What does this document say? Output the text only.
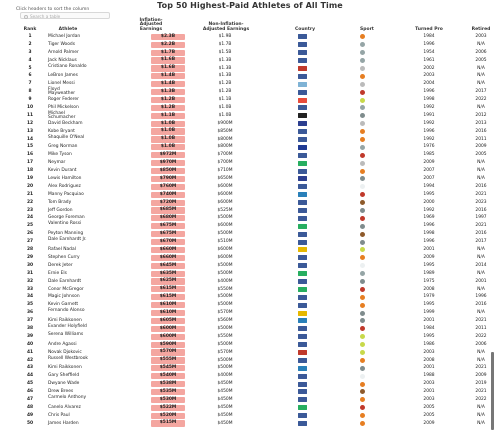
Top 50 Highest-Paid Athletes of All Time
Click headers to sort the column
Search a table
Rank	Athlete
Inflation-Adjusted Earnings
Non-Inflation-Adjusted Earnings	Country	Sport	Turned Pro	Retired
1	Michael Jordan	$2.3B	$1.9B	1984	2003
2	Tiger Woods	$2.2B	$1.7B	1996	N/A
3	Arnold Palmer	$1.7B	$1.5B	1954	2006
4	Jack Nicklaus	$1.6B	$1.3B	1961	2005
5	Cristiano Ronaldo	$1.6B	$1.3B	2002	N/A
6	LeBron James	$1.4B	$1.3B	2003	N/A
7	Lionel Messi	$1.4B	$1.2B	2004	N/A
8	Floyd Mayweather	$1.3B	$1.2B	1996	2017
9	Roger Federer	$1.2B	$1.1B	1998	2022
10	Phil Mickelson	$1.2B	$1.0B	1992	N/A
11	Michael Schumacher	$1.1B	$1.0B	1991	2012
12	David Beckham	$1.0B	$900M	1992	2013
13	Kobe Bryant	$1.0B	$850M	1996	2016
14	Shaquille O'Neal	$1.0B	$800M	1992	2011
15	Greg Norman	$1.0B	$800M	1976	2009
16	Mike Tyson	$972M	$700M	1985	2005
17	Neymar	$970M	$700M	2009	N/A
18	Kevin Durant	$850M	$710M	2007	N/A
19	Lewis Hamilton	$790M	$650M	2007	N/A
20	Alex Rodriguez	$760M	$600M	1994	2016
21	Manny Pacquiao	$740M	$600M	1995	2021
22	Tom Brady	$720M	$600M	2000	2023
23	Jeff Gordon	$685M	$525M	1992	2016
24	George Foreman	$680M	$500M	1969	1997
25	Valentino Rossi	$675M	$600M	1996	2021
26	Peyton Manning	$675M	$500M	1998	2016
27	Dale Earnhardt Jr.	$670M	$510M	1996	2017
28	Rafael Nadal	$660M	$600M	2001	N/A
29	Stephen Curry	$660M	$600M	2009	N/A
30	Derek Jeter	$645M	$500M	1995	2014
31	Ernie Els	$635M	$500M	1989	N/A
32	Dale Earnhardt	$625M	$400M	1975	2001
33	Conor McGregor	$615M	$550M	2008	N/A
34	Magic Johnson	$615M	$500M	1979	1996
35	Kevin Garnett	$610M	$500M	1995	2016
36	Fernando Alonso	$610M	$570M	1999	N/A
37	Kimi Raikkonen	$605M	$560M	2001	2021
38	Evander Holyfield	$600M	$500M	1984	2011
39	Serena Williams	$600M	$550M	1995	2022
40	Andre Agassi	$590M	$500M	1986	2006
41	Novak Djokovic	$570M	$570M	2003	N/A
42	Russell Westbrook	$555M	$500M	2008	N/A
43	Kimi Raikkonen	$545M	$500M	2001	2021
44	Gary Sheffield	$540M	$400M	1988	2009
45	Dwyane Wade	$538M	$450M	2003	2019
46	Drew Brees	$535M	$450M	2001	2021
47	Carmelo Anthony	$530M	$450M	2003	2022
48	Canelo Alvarez	$522M	$450M	2005	N/A
49	Chris Paul	$520M	$450M	2005	N/A
50	James Harden	$515M	$450M	2009	N/A
